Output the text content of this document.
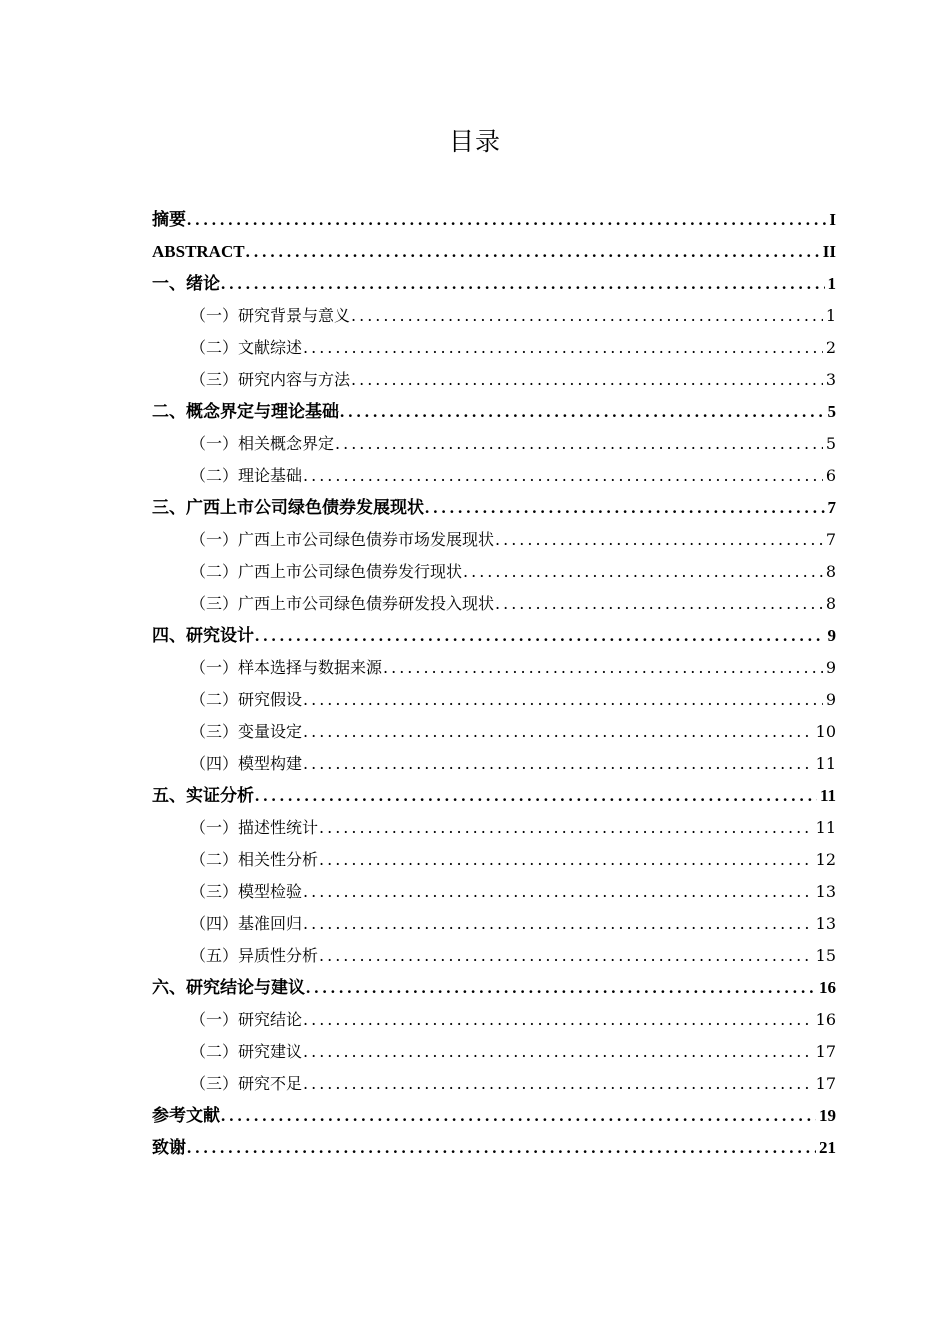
目录
摘要 .....	I
ABSTRACT .....	II
一、 绪论 .....	1
（一） 研究背景与意义 .....	1
（二） 文献综述 .....	2
（三） 研究内容与方法 .....	3
二、 概念界定与理论基础 .....	5
（一） 相关概念界定 .....	5
（二） 理论基础 .....	6
三、 广西上市公司绿色债券发展现状 .....	7
（一） 广西上市公司绿色债券市场发展现状 .....	7
（二） 广西上市公司绿色债券发行现状 .....	8
（三） 广西上市公司绿色债券研发投入现状 .....	8
四、 研究设计 .....	9
（一） 样本选择与数据来源 .....	9
（二） 研究假设 .....	9
（三） 变量设定 .....	10
（四） 模型构建 .....	11
五、 实证分析 .....	11
（一） 描述性统计 .....	11
（二） 相关性分析 .....	12
（三） 模型检验 .....	13
（四） 基准回归 .....	13
（五） 异质性分析 .....	15
六、 研究结论与建议 .....	16
（一） 研究结论 .....	16
（二） 研究建议 .....	17
（三） 研究不足 .....	17
参考文献 .....	19
致谢 .....	21
